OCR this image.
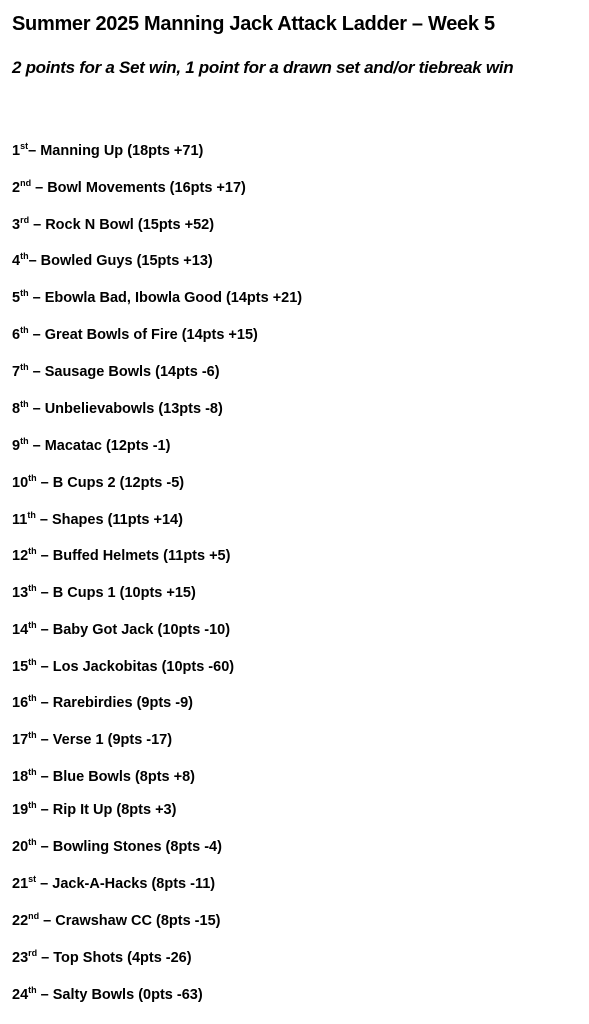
Summer 2025 Manning Jack Attack Ladder – Week 5

2 points for a Set win, 1 point for a drawn set and/or tiebreak win

1st– Manning Up (18pts +71)
2nd – Bowl Movements (16pts +17)
3rd – Rock N Bowl (15pts +52)
4th– Bowled Guys (15pts +13)
5th – Ebowla Bad, Ibowla Good (14pts +21)
6th – Great Bowls of Fire (14pts +15)
7th – Sausage Bowls (14pts -6)
8th – Unbelievabowls (13pts -8)
9th – Macatac (12pts -1)
10th – B Cups 2 (12pts -5)
11th – Shapes (11pts +14)
12th – Buffed Helmets (11pts +5)
13th – B Cups 1 (10pts +15)
14th – Baby Got Jack (10pts -10)
15th – Los Jackobitas (10pts -60)
16th – Rarebirdies (9pts -9)
17th – Verse 1 (9pts -17)
18th – Blue Bowls (8pts +8)
19th – Rip It Up (8pts +3)
20th – Bowling Stones (8pts -4)
21st – Jack-A-Hacks (8pts -11)
22nd – Crawshaw CC (8pts -15)
23rd – Top Shots (4pts -26)
24th – Salty Bowls (0pts -63)
